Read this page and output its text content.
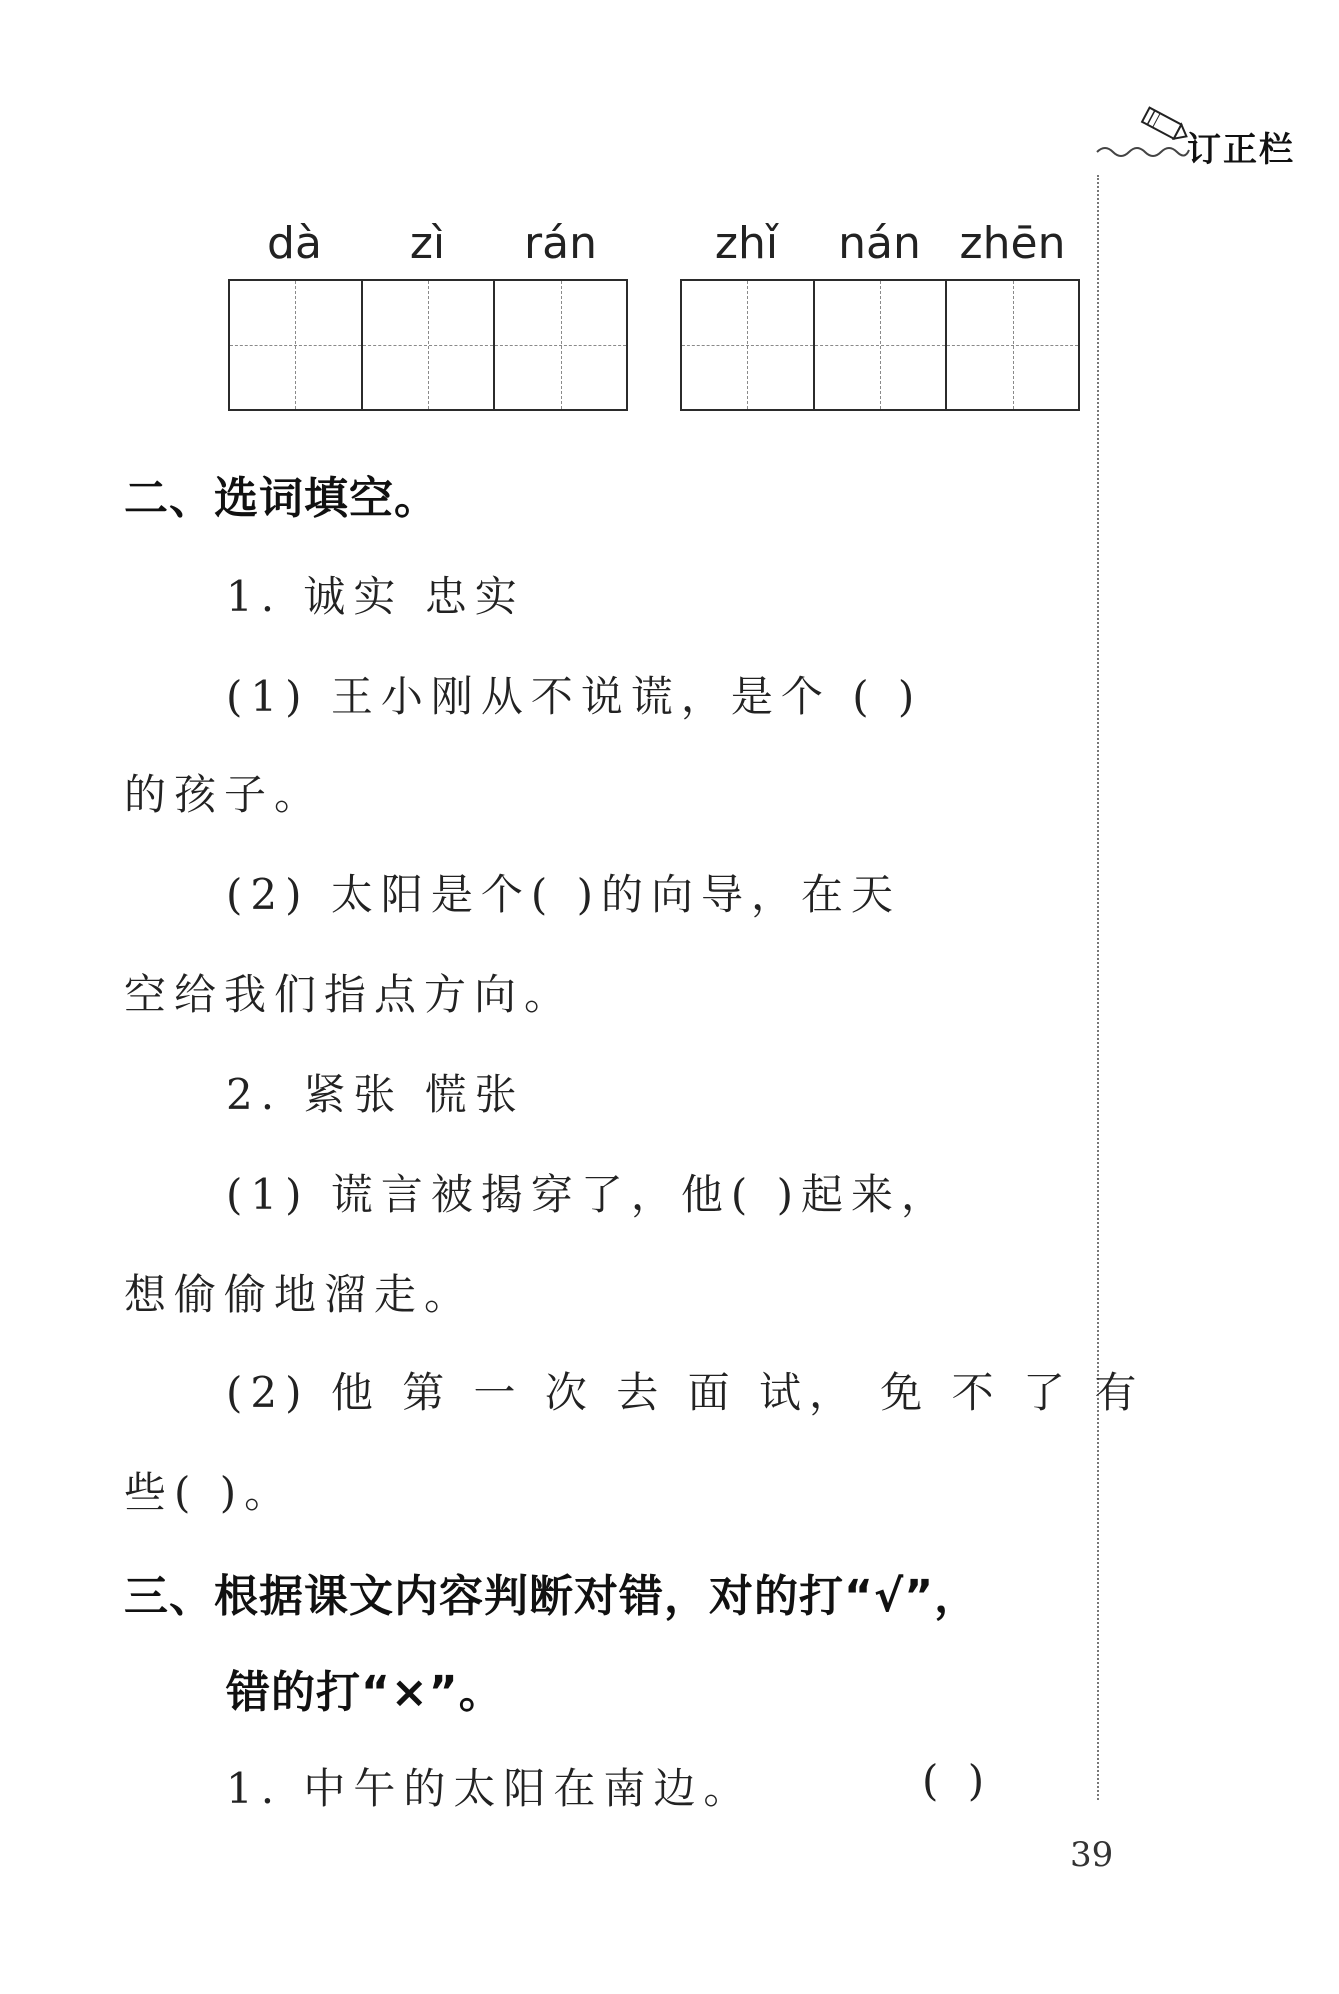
订正栏
dà	zì	rán	zhǐ	nán zhēn
二、选词填空。
1. 诚实 忠实
(1) 王小刚从不说谎，是个 ( )
的孩子。
(2) 太阳是个( )的向导，在天
空给我们指点方向。
2. 紧张 慌张
(1) 谎言被揭穿了，他( )起来，
想偷偷地溜走。
(2) 他 第 一 次 去 面 试， 免 不 了 有
些( )。
三、根据课文内容判断对错，对的打“√”，
错的打“×”。
1. 中午的太阳在南边。	( )
39
